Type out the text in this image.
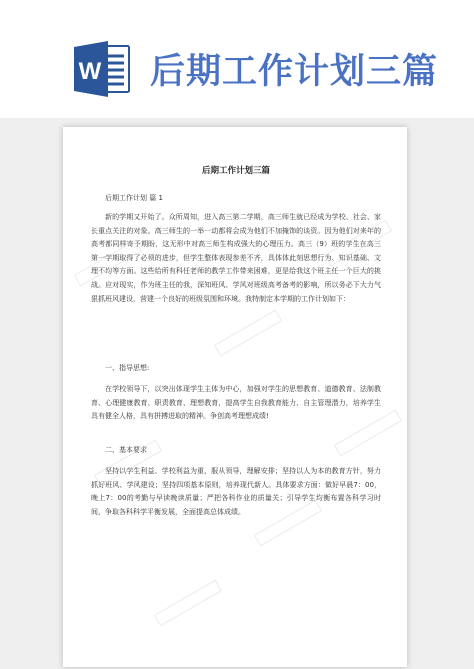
W 后期工作计划三篇
后期工作计划三篇
后期工作计划 篇 1
新的学期又开始了。众所周知，进入高三第二学期，高三师生就已经成为学校、社会、家长重点关注的对象。高三师生的一举一动都将会成为他们不加掩饰的谈资。因为他们对来年的高考都同样寄予期盼，这无形中对高三师生构成强大的心理压力。高三（9）班的学生在高三第一学期取得了必须的进步，但学生整体表现参差不齐，具体体此刻思想行为、知识基础、文理不均等方面。这些给所有科任老师的教学工作带来困难，更是给我这个班主任一个巨大的挑战。应对现实，作为班主任的我，深知班风、学风对班级高考备考的影响，所以务必下大力气狠抓班风建设，营建一个良好的班级氛围和环境。我特制定本学期的工作计划如下：
一、指导思想:
在学校领导下，以突出体现学生主体为中心，加强对学生的思想教育、道德教育、法制教育、心理健康教育、职责教育、理想教育，提高学生自我教育能力、自主管理潜力，培养学生具有健全人格，具有拼搏进取的精神。争创高考理想成绩!
二、基本要求
坚持以学生利益、学校利益为重，服从领导，理解安排；坚持以人为本的教育方针，努力抓好班风、学风建设；坚持四项基本原则，培养现代新人。具体要求方面：做好早晨7：00，晚上7：00的考勤与早读晚读质量；严把各科作业的质量关；引导学生均衡布置各科学习时间，争取各科科学平衡发展，全面提高总体成绩。
